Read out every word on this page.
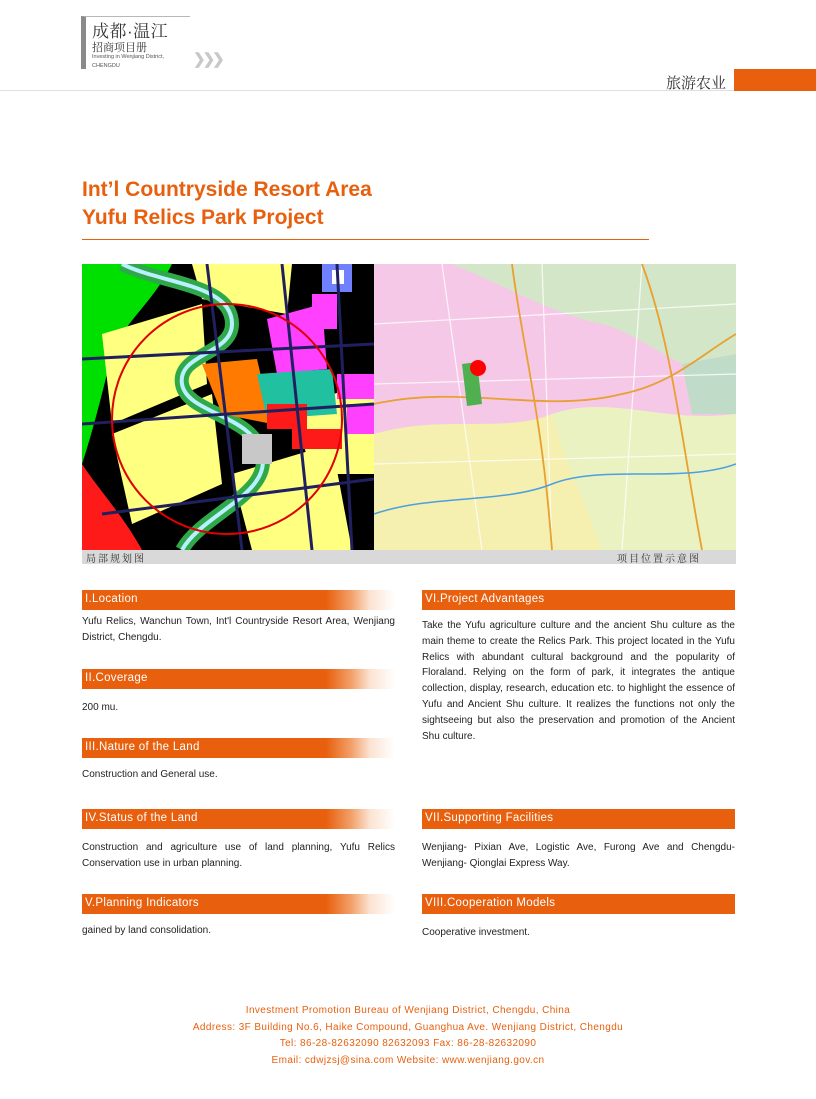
成都·温江
招商项目册
Investing in Wenjiang District,
CHENGDU	❯❯❯
旅游农业
Int’l Countryside Resort Area
Yufu Relics Park Project
局部规划图	项目位置示意图
I.Location
Yufu Relics, Wanchun Town, Int'l Countryside Resort Area, Wenjiang District, Chengdu.
II.Coverage
200 mu.
III.Nature of the Land
Construction and General use.
IV.Status of the Land
Construction and agriculture use of land planning, Yufu Relics Conservation use in urban planning.
V.Planning Indicators
gained by land consolidation.
VI.Project Advantages
Take the Yufu agriculture culture and the ancient Shu culture as the main theme to create the Relics Park. This project located in the Yufu Relics with abundant cultural background and the popularity of Floraland. Relying on the form of park, it integrates the antique collection, display, research, education etc. to highlight the essence of Yufu and Ancient Shu culture. It realizes the functions not only the sightseeing but also the preservation and promotion of the Ancient Shu culture.
VII.Supporting Facilities
Wenjiang- Pixian Ave, Logistic Ave, Furong Ave and Chengdu-Wenjiang- Qionglai Express Way.
VIII.Cooperation Models
Cooperative investment.
Investment Promotion Bureau of Wenjiang District, Chengdu, China
Address: 3F Building No.6, Haike Compound, Guanghua Ave. Wenjiang District, Chengdu
Tel: 86-28-82632090 82632093 Fax: 86-28-82632090
Email: cdwjzsj@sina.com Website: www.wenjiang.gov.cn
